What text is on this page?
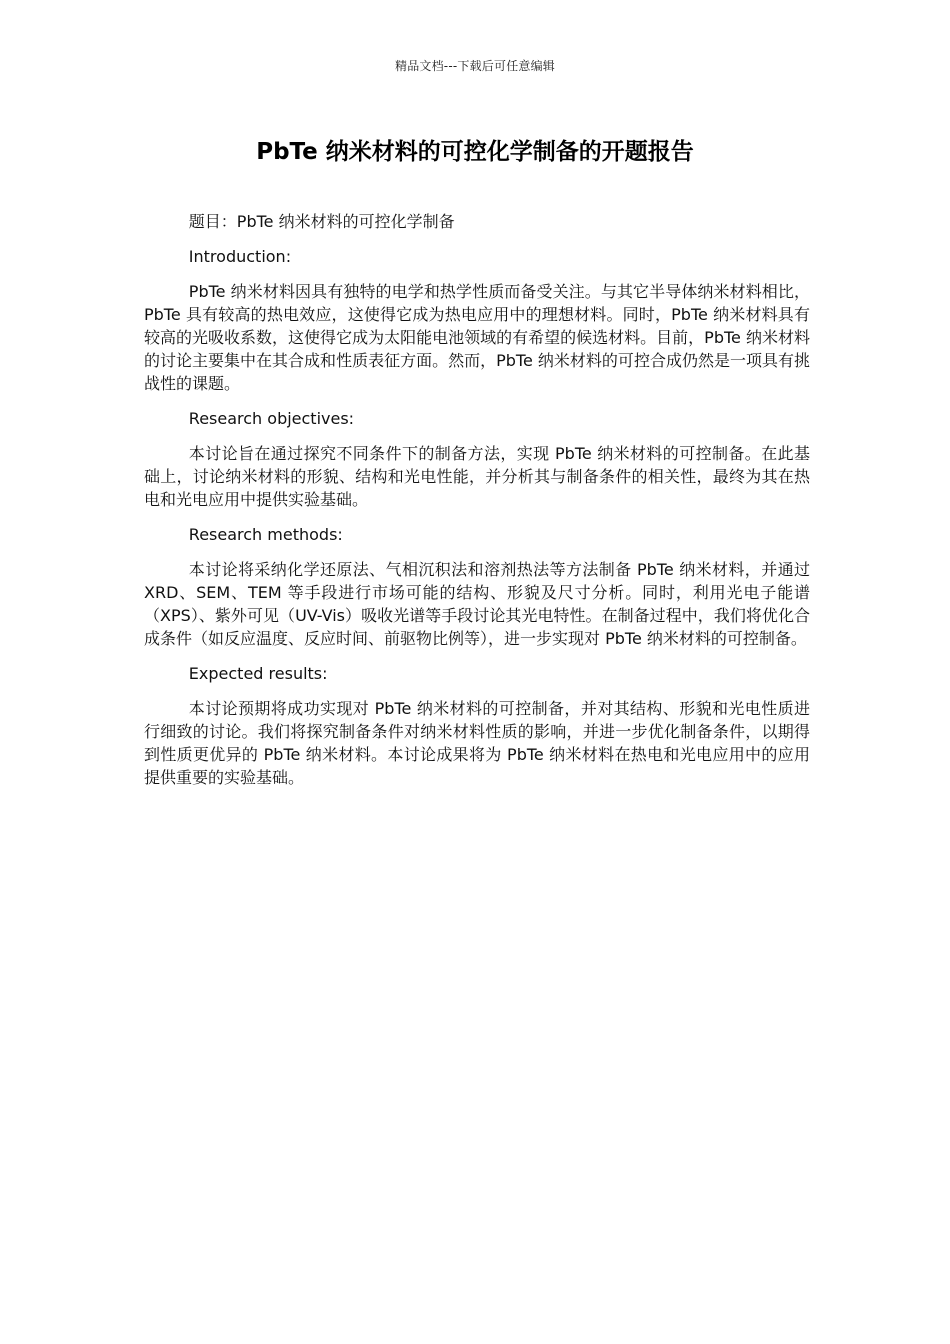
精品文档---下载后可任意编辑
PbTe 纳米材料的可控化学制备的开题报告

题目：PbTe 纳米材料的可控化学制备

Introduction:

PbTe 纳米材料因具有独特的电学和热学性质而备受关注。与其它半导体纳米材料相比，PbTe 具有较高的热电效应，这使得它成为热电应用中的理想材料。同时，PbTe 纳米材料具有较高的光吸收系数，这使得它成为太阳能电池领域的有希望的候选材料。目前，PbTe 纳米材料的讨论主要集中在其合成和性质表征方面。然而，PbTe 纳米材料的可控合成仍然是一项具有挑战性的课题。

Research objectives:

本讨论旨在通过探究不同条件下的制备方法，实现 PbTe 纳米材料的可控制备。在此基础上，讨论纳米材料的形貌、结构和光电性能，并分析其与制备条件的相关性，最终为其在热电和光电应用中提供实验基础。

Research methods:

本讨论将采纳化学还原法、气相沉积法和溶剂热法等方法制备 PbTe 纳米材料，并通过 XRD、SEM、TEM 等手段进行市场可能的结构、形貌及尺寸分析。同时，利用光电子能谱（XPS）、紫外可见（UV-Vis）吸收光谱等手段讨论其光电特性。在制备过程中，我们将优化合成条件（如反应温度、反应时间、前驱物比例等），进一步实现对 PbTe 纳米材料的可控制备。

Expected results:

本讨论预期将成功实现对 PbTe 纳米材料的可控制备，并对其结构、形貌和光电性质进行细致的讨论。我们将探究制备条件对纳米材料性质的影响，并进一步优化制备条件，以期得到性质更优异的 PbTe 纳米材料。本讨论成果将为 PbTe 纳米材料在热电和光电应用中的应用提供重要的实验基础。
